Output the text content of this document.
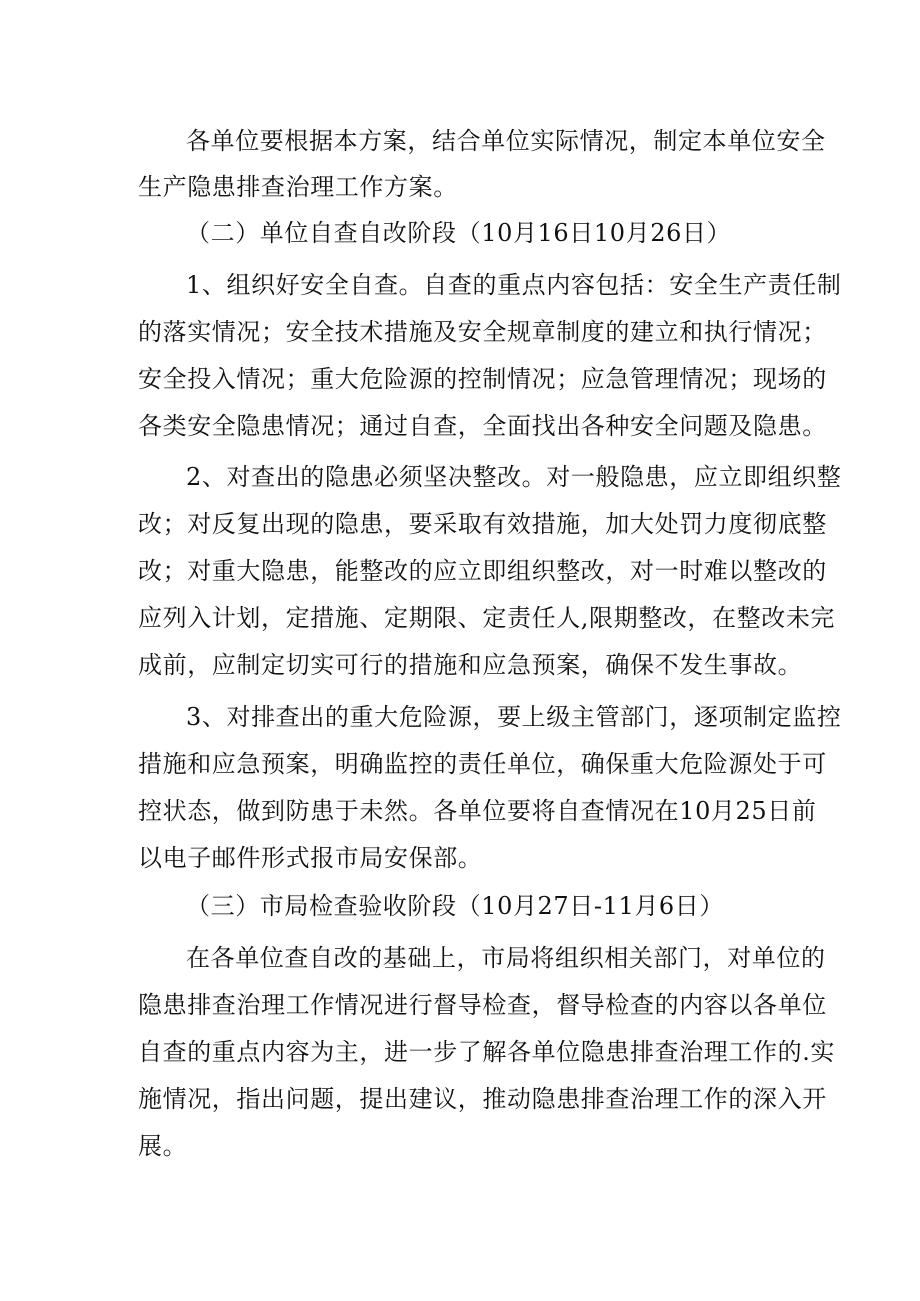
各单位要根据本方案，结合单位实际情况，制定本单位安全
生产隐患排查治理工作方案。
（二）单位自查自改阶段（10月16日10月26日）
1、组织好安全自查。自查的重点内容包括：安全生产责任制
的落实情况；安全技术措施及安全规章制度的建立和执行情况；
安全投入情况；重大危险源的控制情况；应急管理情况；现场的
各类安全隐患情况；通过自查，全面找出各种安全问题及隐患。
2、对查出的隐患必须坚决整改。对一般隐患，应立即组织整
改；对反复出现的隐患，要采取有效措施，加大处罚力度彻底整
改；对重大隐患，能整改的应立即组织整改，对一时难以整改的
应列入计划，定措施、定期限、定责任人,限期整改，在整改未完
成前，应制定切实可行的措施和应急预案，确保不发生事故。
3、对排查出的重大危险源，要上级主管部门，逐项制定监控
措施和应急预案，明确监控的责任单位，确保重大危险源处于可
控状态，做到防患于未然。各单位要将自查情况在10月25日前
以电子邮件形式报市局安保部。
（三）市局检查验收阶段（10月27日-11月6日）
在各单位查自改的基础上，市局将组织相关部门，对单位的
隐患排查治理工作情况进行督导检查，督导检查的内容以各单位
自查的重点内容为主，进一步了解各单位隐患排查治理工作的.实
施情况，指出问题，提出建议，推动隐患排查治理工作的深入开
展。
